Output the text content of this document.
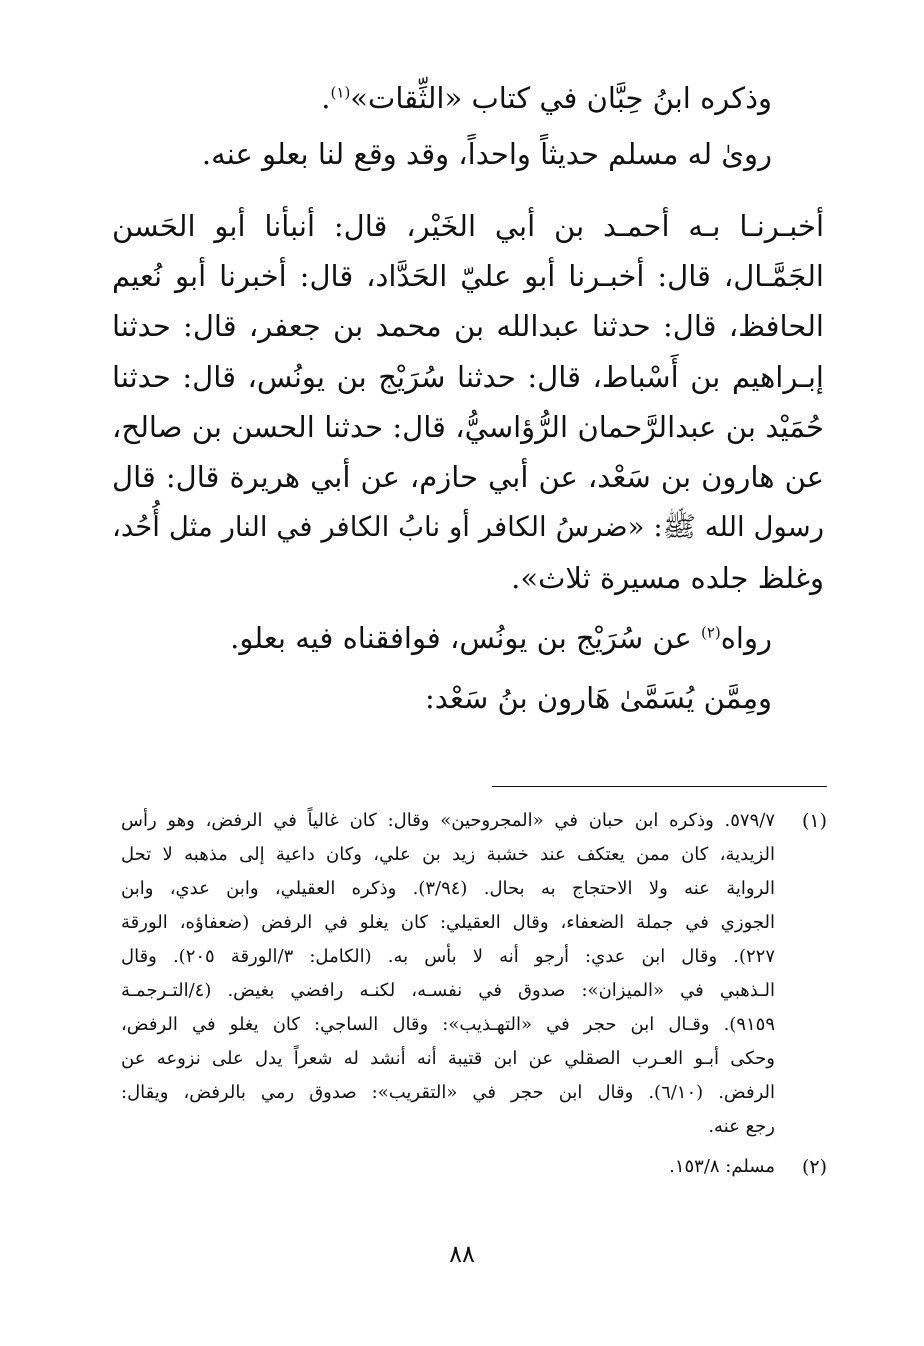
وذكره ابنُ حِبَّان في كتاب «الثِّقات»$^{(١)}$.
روىٰ له مسلم حديثاً واحداً، وقد وقع لنا بعلو عنه.
أخبـرنـا بـه أحمـد بن أبي الخَيْر، قال: أنبأنا أبو الحَسن
الجَمَّـال، قال: أخبـرنا أبو عليّ الحَدَّاد، قال: أخبرنا أبو نُعيم
الحافظ، قال: حدثنا عبدالله بن محمد بن جعفر، قال: حدثنا
إبـراهيم بن أَسْباط، قال: حدثنا سُرَيْج بن يونُس، قال: حدثنا
حُمَيْد بن عبدالرَّحمان الرُّؤاسيُّ، قال: حدثنا الحسن بن صالح،
عن هارون بن سَعْد، عن أبي حازم، عن أبي هريرة قال: قال
رسول الله ﷺ: «ضرسُ الكافر أو نابُ الكافر في النار مثل أُحُد،
وغلظ جلده مسيرة ثلاث».
رواه$^{(٢)}$ عن سُرَيْج بن يونُس، فوافقناه فيه بعلو.
ومِمَّن يُسَمَّىٰ هَارون بنُ سَعْد:
(١)
٥٧٩/٧. وذكره ابن حبان في «المجروحين» وقال: كان غالياً في الرفض، وهو رأس
الزيدية، كان ممن يعتكف عند خشبة زيد بن علي، وكان داعية إلى مذهبه لا تحل
الرواية عنه ولا الاحتجاج به بحال. (٣/٩٤). وذكره العقيلي، وابن عدي، وابن
الجوزي في جملة الضعفاء، وقال العقيلي: كان يغلو في الرفض (ضعفاؤه، الورقة
٢٢٧). وقال ابن عدي: أرجو أنه لا بأس به. (الكامل: ٣/الورقة ٢٠٥). وقال
الـذهبي في «الميزان»: صدوق في نفسـه، لكنـه رافضي بغيض. (٤/التـرجمـة
٩١٥٩). وقـال ابن حجر في «التهـذيب»: وقال الساجي: كان يغلو في الرفض،
وحكى أبـو العـرب الصقلي عن ابن قتيبة أنه أنشد له شعراً يدل على نزوعه عن
الرفض. (٦/١٠). وقال ابن حجر في «التقريب»: صدوق رمي بالرفض، ويقال:
رجع عنه.
(٢)
مسلم: ١٥٣/٨.
٨٨
